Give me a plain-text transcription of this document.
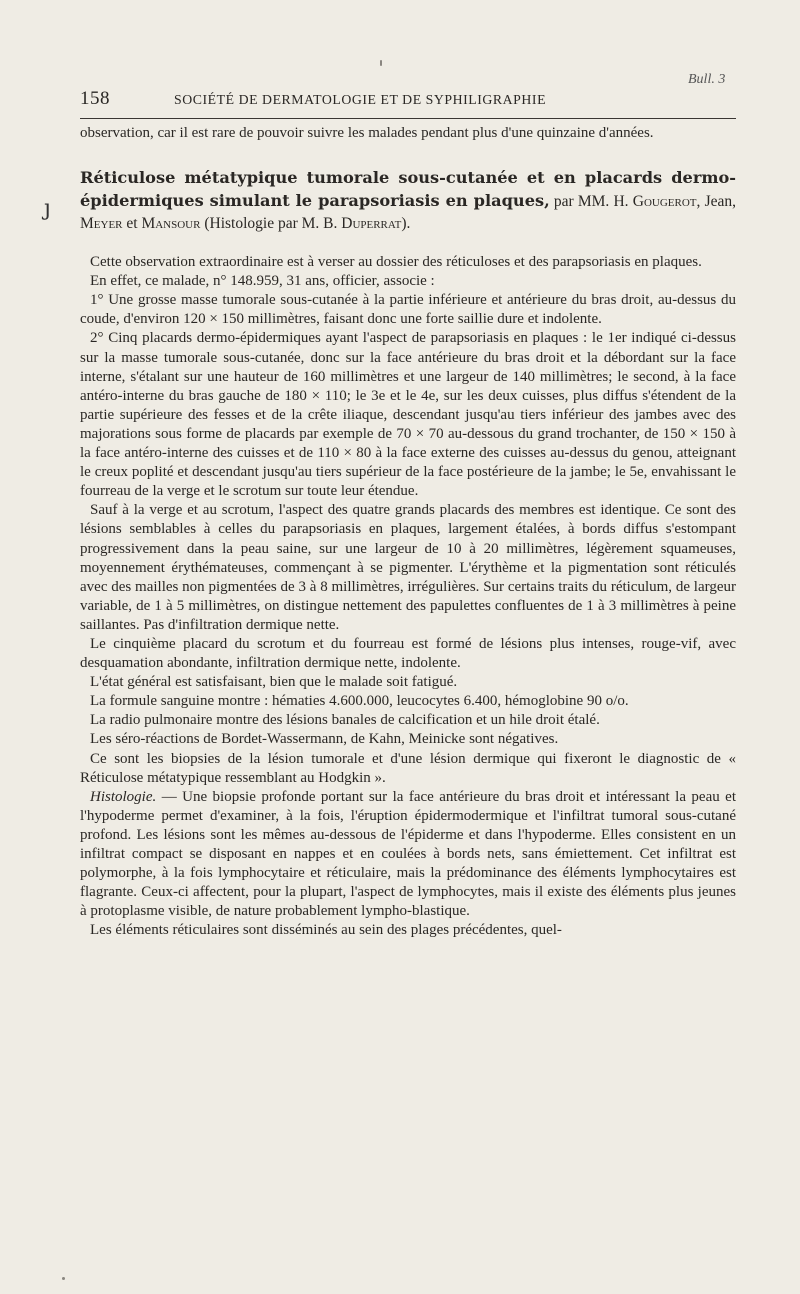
Bull. 3
158	SOCIÉTÉ DE DERMATOLOGIE ET DE SYPHILIGRAPHIE
ȷ

observation, car il est rare de pouvoir suivre les malades pendant plus d'une quinzaine d'années.

Réticulose métatypique tumorale sous-cutanée et en placards dermo-épidermiques simulant le parapsoriasis en plaques, par MM. H. Gougerot, Jean, Meyer et Mansour (Histologie par M. B. Duperrat).

Cette observation extraordinaire est à verser au dossier des réticuloses et des parapsoriasis en plaques.

En effet, ce malade, n° 148.959, 31 ans, officier, associe :

1° Une grosse masse tumorale sous-cutanée à la partie inférieure et antérieure du bras droit, au-dessus du coude, d'environ 120 × 150 millimètres, faisant donc une forte saillie dure et indolente.

2° Cinq placards dermo-épidermiques ayant l'aspect de parapsoriasis en plaques : le 1er indiqué ci-dessus sur la masse tumorale sous-cutanée, donc sur la face antérieure du bras droit et la débordant sur la face interne, s'étalant sur une hauteur de 160 millimètres et une largeur de 140 millimètres; le second, à la face antéro-interne du bras gauche de 180 × 110; le 3e et le 4e, sur les deux cuisses, plus diffus s'étendent de la partie supérieure des fesses et de la crête iliaque, descendant jusqu'au tiers inférieur des jambes avec des majorations sous forme de placards par exemple de 70 × 70 au-dessous du grand trochanter, de 150 × 150 à la face antéro-interne des cuisses et de 110 × 80 à la face externe des cuisses au-dessus du genou, atteignant le creux poplité et descendant jusqu'au tiers supérieur de la face postérieure de la jambe; le 5e, envahissant le fourreau de la verge et le scrotum sur toute leur étendue.

Sauf à la verge et au scrotum, l'aspect des quatre grands placards des membres est identique. Ce sont des lésions semblables à celles du parapsoriasis en plaques, largement étalées, à bords diffus s'estompant progressivement dans la peau saine, sur une largeur de 10 à 20 millimètres, légèrement squameuses, moyennement érythémateuses, commençant à se pigmenter. L'érythème et la pigmentation sont réticulés avec des mailles non pigmentées de 3 à 8 millimètres, irrégulières. Sur certains traits du réticulum, de largeur variable, de 1 à 5 millimètres, on distingue nettement des papulettes confluentes de 1 à 3 millimètres à peine saillantes. Pas d'infiltration dermique nette.

Le cinquième placard du scrotum et du fourreau est formé de lésions plus intenses, rouge-vif, avec desquamation abondante, infiltration dermique nette, indolente.

L'état général est satisfaisant, bien que le malade soit fatigué.

La formule sanguine montre : hématies 4.600.000, leucocytes 6.400, hémoglobine 90 o/o.

La radio pulmonaire montre des lésions banales de calcification et un hile droit étalé.

Les séro-réactions de Bordet-Wassermann, de Kahn, Meinicke sont négatives.

Ce sont les biopsies de la lésion tumorale et d'une lésion dermique qui fixeront le diagnostic de « Réticulose métatypique ressemblant au Hodgkin ».

Histologie. — Une biopsie profonde portant sur la face antérieure du bras droit et intéressant la peau et l'hypoderme permet d'examiner, à la fois, l'éruption épidermodermique et l'infiltrat tumoral sous-cutané profond. Les lésions sont les mêmes au-dessous de l'épiderme et dans l'hypoderme. Elles consistent en un infiltrat compact se disposant en nappes et en coulées à bords nets, sans émiettement. Cet infiltrat est polymorphe, à la fois lymphocytaire et réticulaire, mais la prédominance des éléments lymphocytaires est flagrante. Ceux-ci affectent, pour la plupart, l'aspect de lymphocytes, mais il existe des éléments plus jeunes à protoplasme visible, de nature probablement lympho-blastique.

Les éléments réticulaires sont disséminés au sein des plages précédentes, quel-
